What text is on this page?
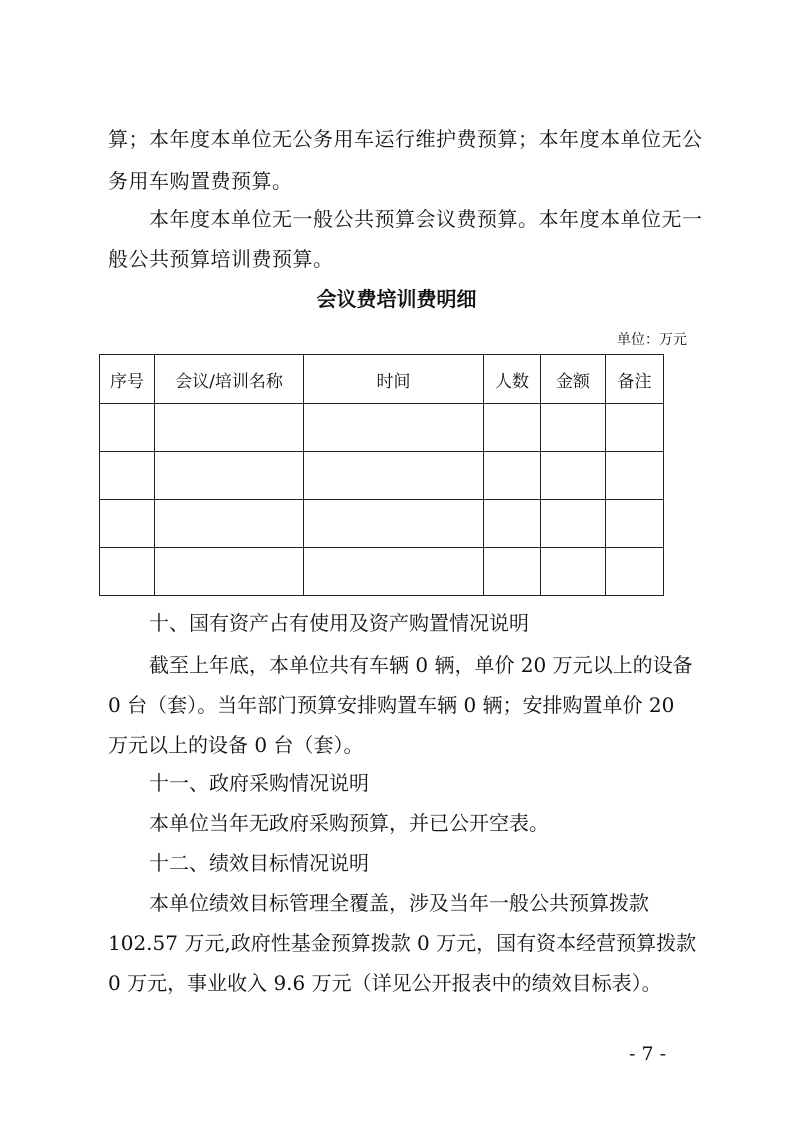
算；本年度本单位无公务用车运行维护费预算；本年度本单位无公
务用车购置费预算。
本年度本单位无一般公共预算会议费预算。本年度本单位无一
般公共预算培训费预算。
会议费培训费明细
单位：万元
序号	会议/培训名称	时间	人数	金额	备注

十、国有资产占有使用及资产购置情况说明
截至上年底，本单位共有车辆 0 辆，单价 20 万元以上的设备
0 台（套）。当年部门预算安排购置车辆 0 辆；安排购置单价 20
万元以上的设备 0 台（套）。
十一、政府采购情况说明
本单位当年无政府采购预算，并已公开空表。
十二、绩效目标情况说明
本单位绩效目标管理全覆盖，涉及当年一般公共预算拨款
102.57 万元,政府性基金预算拨款 0 万元，国有资本经营预算拨款
0 万元，事业收入 9.6 万元（详见公开报表中的绩效目标表）。
- 7 -
